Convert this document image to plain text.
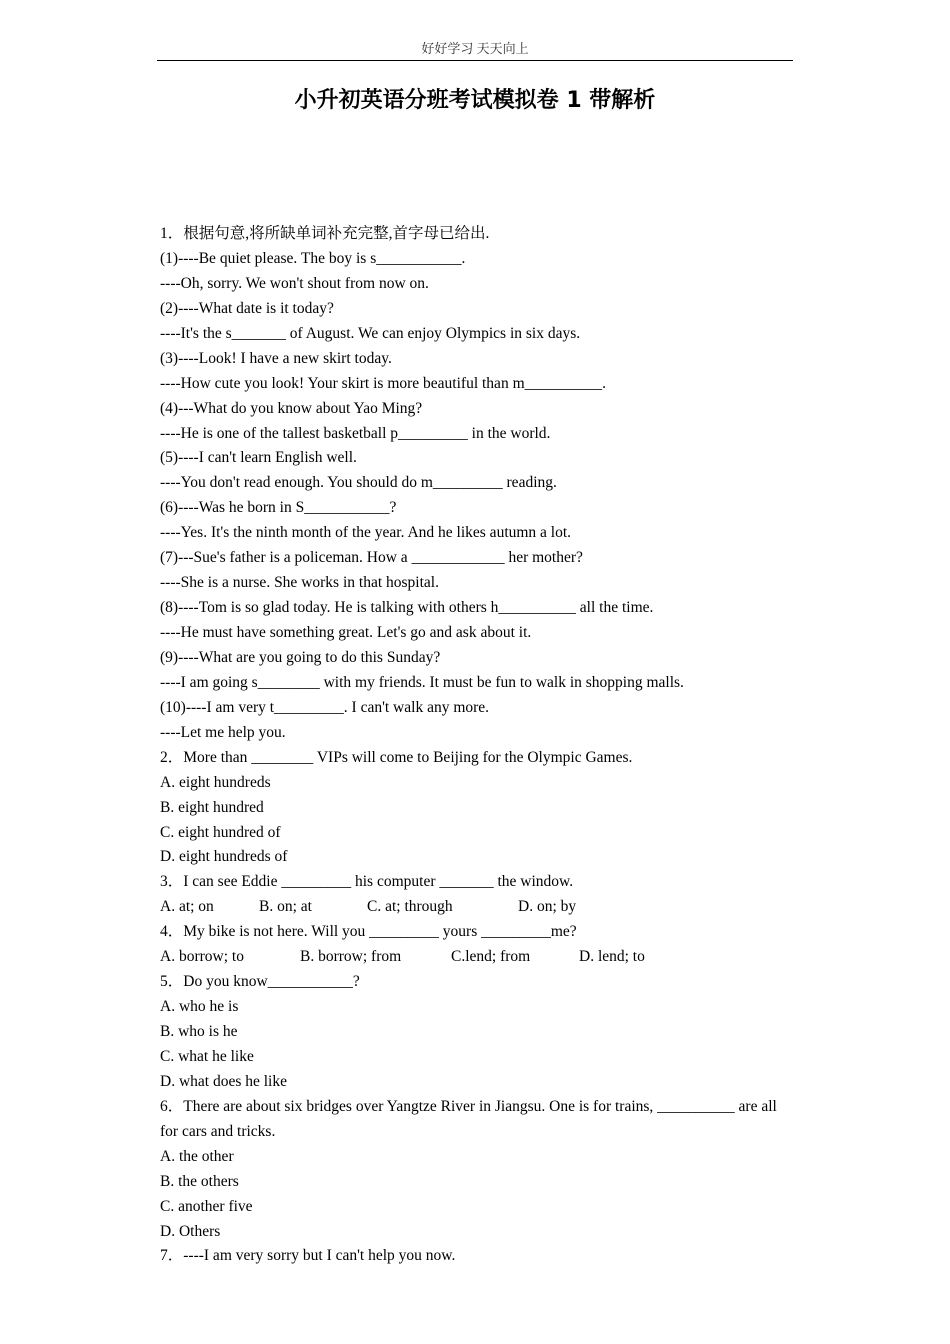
好好学习 天天向上
小升初英语分班考试模拟卷 1 带解析
1．根据句意,将所缺单词补充完整,首字母已给出.
(1)----Be quiet please. The boy is s___________.
----Oh, sorry. We won't shout from now on.
(2)----What date is it today?
----It's the s_______ of August. We can enjoy Olympics in six days.
(3)----Look! I have a new skirt today.
----How cute you look! Your skirt is more beautiful than m__________.
(4)---What do you know about Yao Ming?
----He is one of the tallest basketball p_________ in the world.
(5)----I can't learn English well.
----You don't read enough. You should do m_________ reading.
(6)----Was he born in S___________?
----Yes. It's the ninth month of the year. And he likes autumn a lot.
(7)---Sue's father is a policeman. How a ____________ her mother?
----She is a nurse. She works in that hospital.
(8)----Tom is so glad today. He is talking with others h__________ all the time.
----He must have something great. Let's go and ask about it.
(9)----What are you going to do this Sunday?
----I am going s________ with my friends. It must be fun to walk in shopping malls.
(10)----I am very t_________. I can't walk any more.
----Let me help you.
2．More than ________ VIPs will come to Beijing for the Olympic Games.
A. eight hundreds
B. eight hundred
C. eight hundred of
D. eight hundreds of
3．I can see Eddie _________ his computer _______ the window.
A. at; on	B. on; at	C. at; through	D. on; by
4．My bike is not here. Will you _________ yours _________me?
A. borrow; to	B. borrow; from	C.lend; from	D. lend; to
5．Do you know___________?
A. who he is
B. who is he
C. what he like
D. what does he like
6．There are about six bridges over Yangtze River in Jiangsu. One is for trains, __________ are all for cars and tricks.
A. the other
B. the others
C. another five
D. Others
7．----I am very sorry but I can't help you now.
